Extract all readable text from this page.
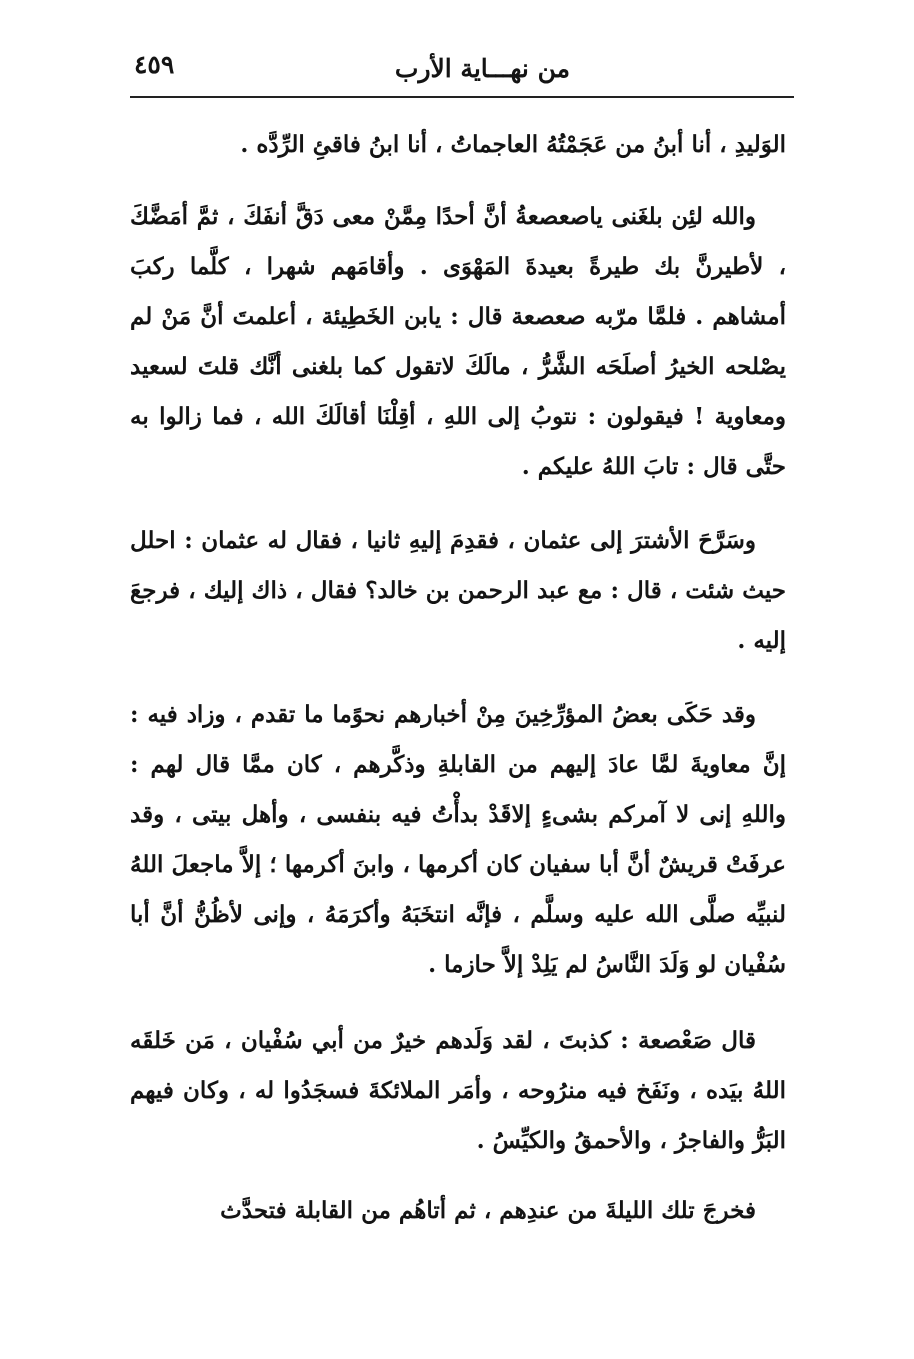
من نهـــاية الأرب
٤٥٩

الوَليدِ ، أنا أبنُ من عَجَمْتُهُ العاجماتُ ، أنا ابنُ فاقئِ الرِّدَّه .

والله لئِن بلغَنى ياصعصعةُ أنَّ أحدًا مِمَّنْ معى دَقَّ أنفَكَ ، ثمَّ أمَضَّكَ ، لأطيرنَّ بك طيرةً بعيدةَ المَهْوَى . وأقامَهم شهرا ، كلَّما ركبَ أمشاهم . فلمَّا مرّبه صعصعة قال : يابن الخَطِيئة ، أعلمتَ أنَّ مَنْ لم يصْلحه الخيرُ أصلَحَه الشَّرُّ ، مالَكَ لاتقول كما بلغنى أنَّك قلتَ لسعيد ومعاوية ! فيقولون : نتوبُ إلى اللهِ ، أقِلْنَا أقالَكَ الله ، فما زالوا به حتَّى قال : تابَ اللهُ عليكم .

وسَرَّحَ الأشترَ إلى عثمان ، فقدِمَ إليهِ ثانيا ، فقال له عثمان : احلل حيث شئت ، قال : مع عبد الرحمن بن خالد؟ فقال ، ذاك إليك ، فرجعَ إليه .

وقد حَكَى بعضُ المؤرِّخِينَ مِنْ أخبارهم نحوًما ما تقدم ، وزاد فيه : إنَّ معاويةَ لمَّا عادَ إليهم من القابلةِ وذكَّرهم ، كان ممَّا قال لهم : واللهِ إنى لا آمركم بشىءٍ إلاقَدْ بدأْتُ فيه بنفسى ، وأهل بيتى ، وقد عرفَتْ قريشٌ أنَّ أبا سفيان كان أكرمها ، وابنَ أكرمها ؛ إلاَّ ماجعلَ اللهُ لنبيِّه صلَّى الله عليه وسلَّم ، فإنَّه انتخَبَهُ وأكرَمَهُ ، وإنى لأظُنُّ أنَّ أبا سُفْيان لو وَلَدَ النَّاسُ لم يَلِدْ إلاَّ حازما .

قال صَعْصعة : كذبتَ ، لقد وَلَدهم خيرٌ من أبي سُفْيان ، مَن خَلقَه اللهُ بيَده ، ونَفَخ فيه منرُوحه ، وأمَر الملائكةَ فسجَدُوا له ، وكان فيهم البَرُّ والفاجرُ ، والأحمقُ والكيِّسُ .

فخرجَ تلك الليلةَ من عندِهم ، ثم أتاهُم من القابلة فتحدَّث
